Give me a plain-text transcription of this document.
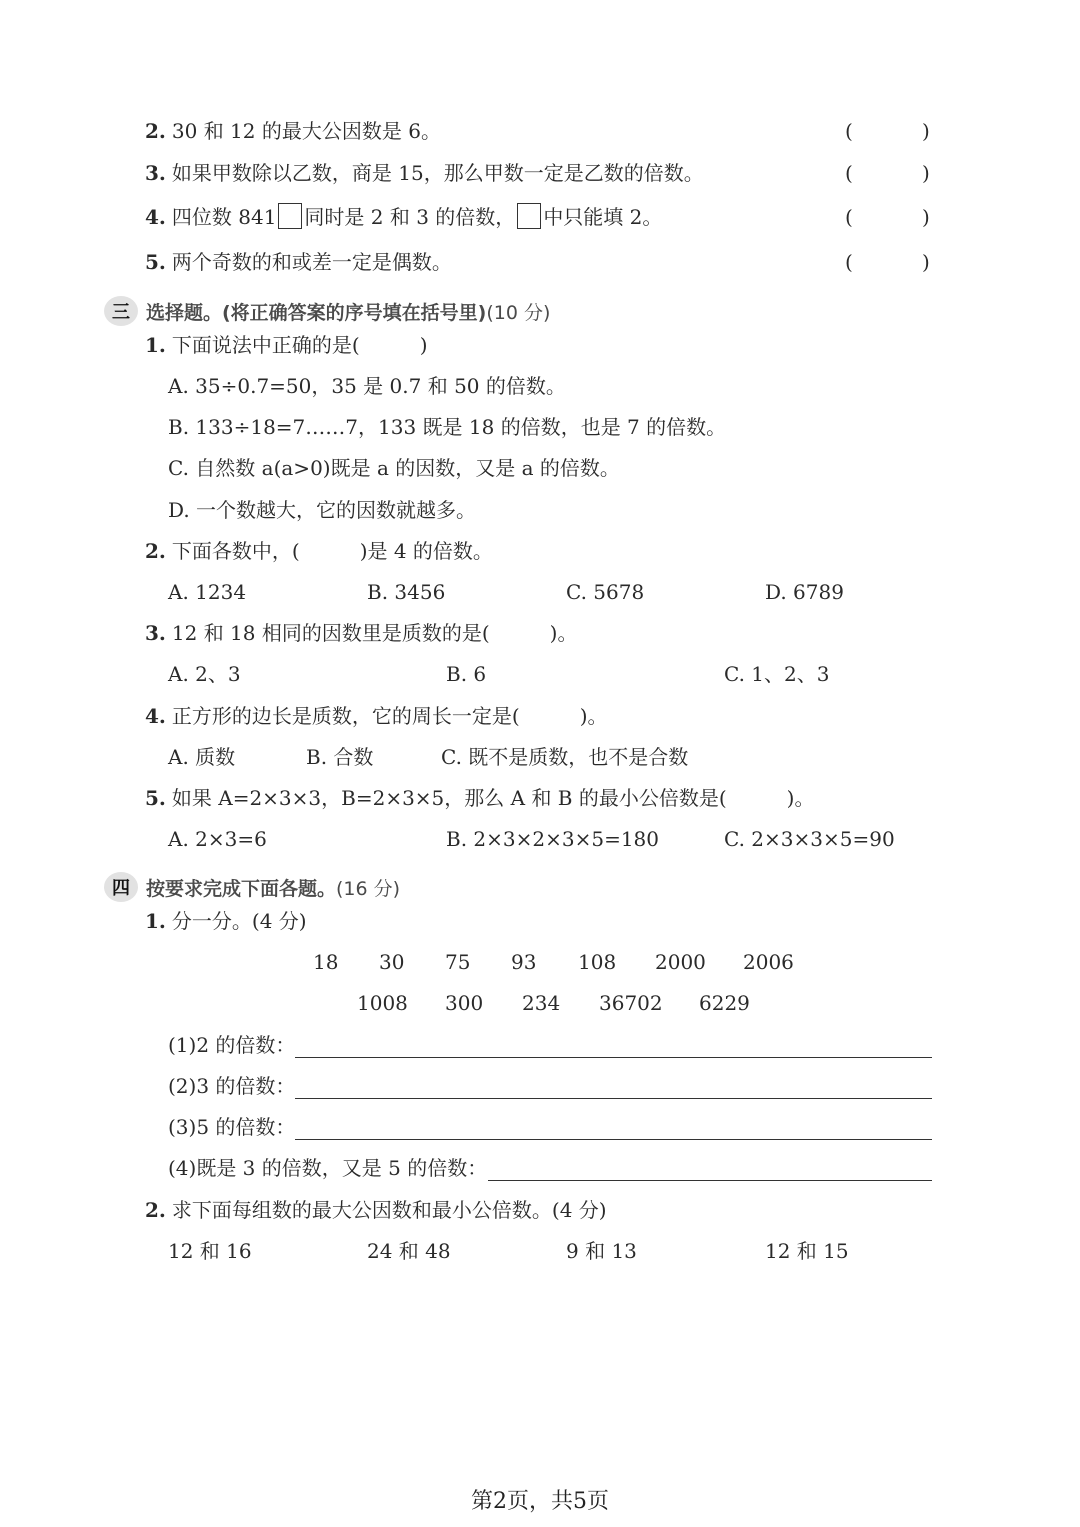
2. 30 和 12 的最大公因数是 6。	(	)
3. 如果甲数除以乙数，商是 15，那么甲数一定是乙数的倍数。	(	)
4. 四位数 841 同时是 2 和 3 的倍数， 中只能填 2。	(	)
5. 两个奇数的和或差一定是偶数。	(	)
三 选择题。(将正确答案的序号填在括号里)(10 分)
1. 下面说法中正确的是(　　　)
A. 35÷0.7=50，35 是 0.7 和 50 的倍数。
B. 133÷18=7……7，133 既是 18 的倍数，也是 7 的倍数。
C. 自然数 a(a>0)既是 a 的因数，又是 a 的倍数。
D. 一个数越大，它的因数就越多。
2. 下面各数中，(　　　)是 4 的倍数。
A. 1234	B. 3456	C. 5678	D. 6789
3. 12 和 18 相同的因数里是质数的是(　　　)。
A. 2、3	B. 6	C. 1、2、3
4. 正方形的边长是质数，它的周长一定是(　　　)。
A. 质数	B. 合数	C. 既不是质数，也不是合数
5. 如果 A=2×3×3，B=2×3×5，那么 A 和 B 的最小公倍数是(　　　)。
A. 2×3=6	B. 2×3×2×3×5=180	C. 2×3×3×5=90
四 按要求完成下面各题。(16 分)
1. 分一分。(4 分)
18 30 75 93 108 2000 2006
1008 300 234 36702 6229
(1)2 的倍数：
(2)3 的倍数：
(3)5 的倍数：
(4)既是 3 的倍数，又是 5 的倍数：
2. 求下面每组数的最大公因数和最小公倍数。(4 分)
12 和 16	24 和 48	9 和 13	12 和 15
第2页，共5页
